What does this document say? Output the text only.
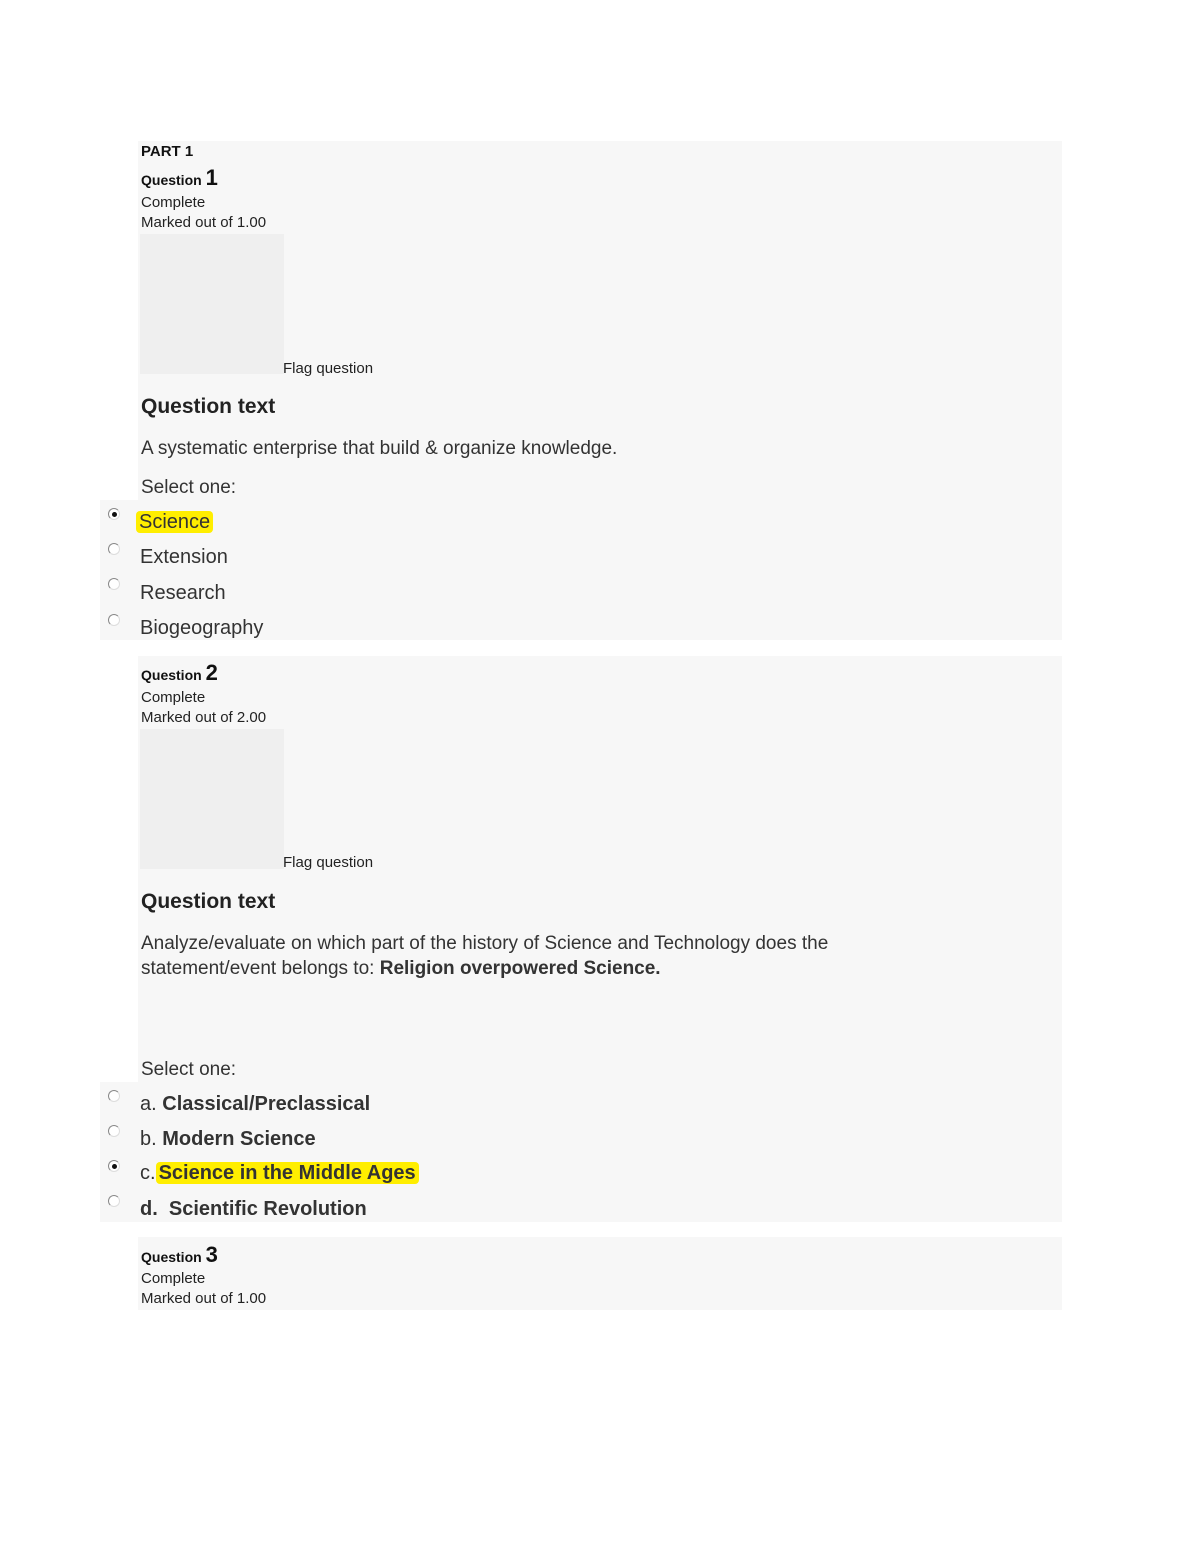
PART 1
Question 1
Complete
Marked out of 1.00
Flag question
Question text
A systematic enterprise that build & organize knowledge.
Select one:
Science
Extension
Research
Biogeography
Question 2
Complete
Marked out of 2.00
Flag question
Question text
Analyze/evaluate on which part of the history of Science and Technology does the statement/event belongs to: Religion overpowered Science.
Select one:
a. Classical/Preclassical
b. Modern Science
c. Science in the Middle Ages
d. Scientific Revolution
Question 3
Complete
Marked out of 1.00
